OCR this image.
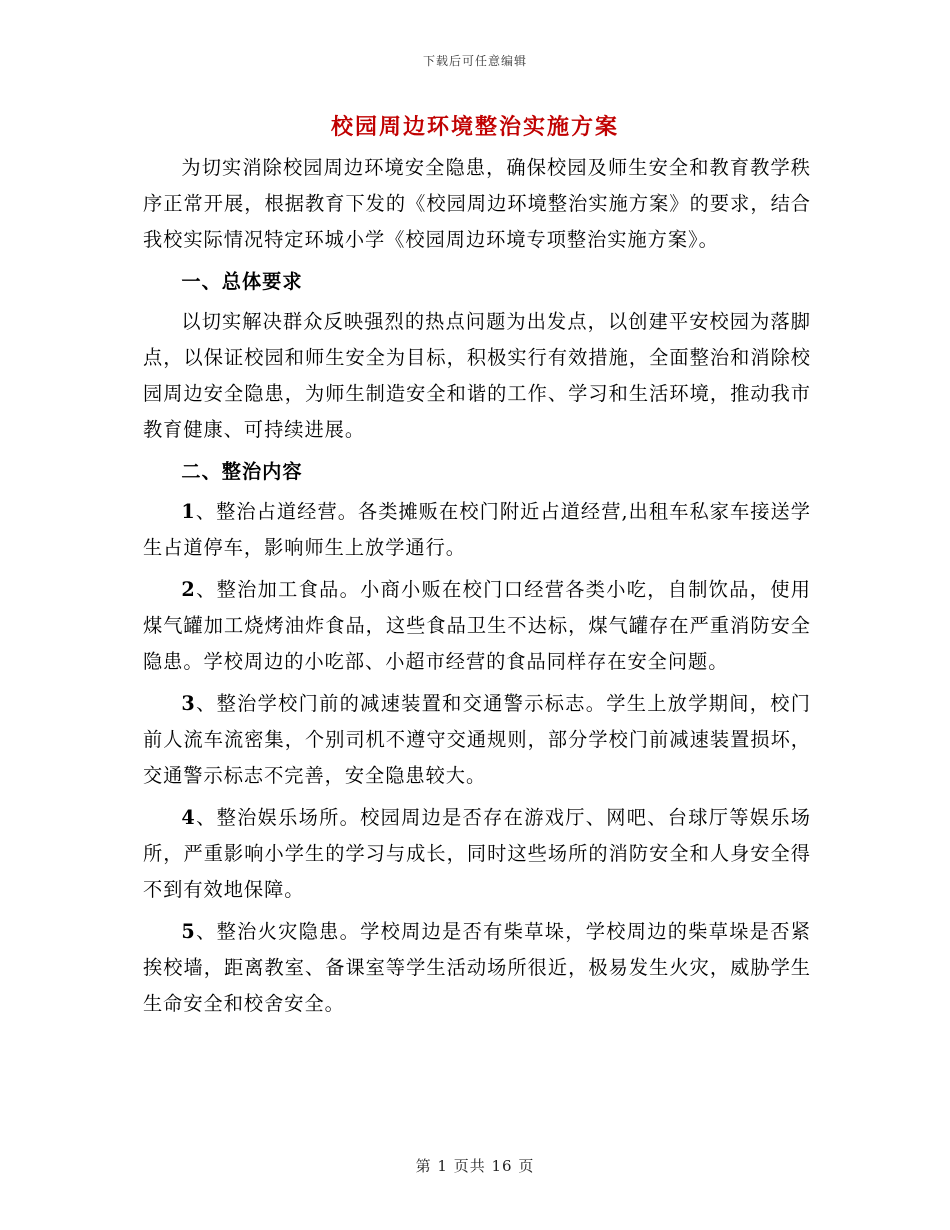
下载后可任意编辑
校园周边环境整治实施方案

为切实消除校园周边环境安全隐患，确保校园及师生安全和教育教学秩序正常开展，根据教育下发的《校园周边环境整治实施方案》的要求，结合我校实际情况特定环城小学《校园周边环境专项整治实施方案》。

一、总体要求

以切实解决群众反映强烈的热点问题为出发点，以创建平安校园为落脚点，以保证校园和师生安全为目标，积极实行有效措施，全面整治和消除校园周边安全隐患，为师生制造安全和谐的工作、学习和生活环境，推动我市教育健康、可持续进展。

二、整治内容

1、整治占道经营。各类摊贩在校门附近占道经营,出租车私家车接送学生占道停车，影响师生上放学通行。

2、整治加工食品。小商小贩在校门口经营各类小吃，自制饮品，使用煤气罐加工烧烤油炸食品，这些食品卫生不达标，煤气罐存在严重消防安全隐患。学校周边的小吃部、小超市经营的食品同样存在安全问题。

3、整治学校门前的减速装置和交通警示标志。学生上放学期间，校门前人流车流密集，个别司机不遵守交通规则，部分学校门前减速装置损坏，交通警示标志不完善，安全隐患较大。

4、整治娱乐场所。校园周边是否存在游戏厅、网吧、台球厅等娱乐场所，严重影响小学生的学习与成长，同时这些场所的消防安全和人身安全得不到有效地保障。

5、整治火灾隐患。学校周边是否有柴草垛，学校周边的柴草垛是否紧挨校墙，距离教室、备课室等学生活动场所很近，极易发生火灾，威胁学生生命安全和校舍安全。

第 1 页共 16 页
